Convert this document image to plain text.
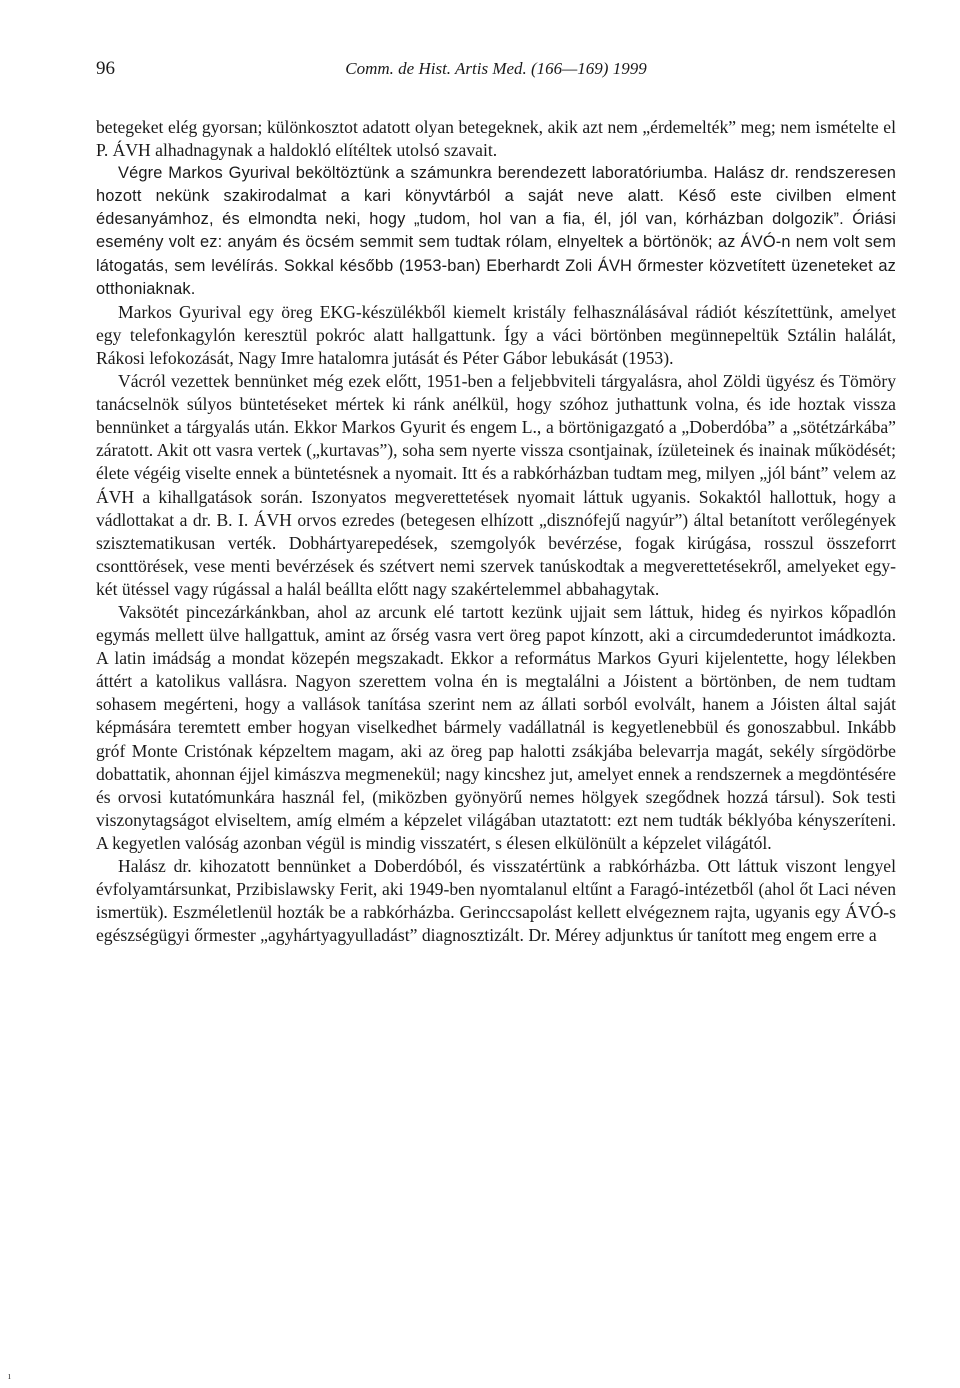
96	Comm. de Hist. Artis Med. (166—169) 1999

betegeket elég gyorsan; különkosztot adatott olyan betegeknek, akik azt nem „érdemelték” meg; nem ismételte el P. ÁVH alhadnagynak a haldokló elítéltek utolsó szavait.

Végre Markos Gyurival beköltöztünk a számunkra berendezett laboratóriumba. Halász dr. rendszeresen hozott nekünk szakirodalmat a kari könyvtárból a saját neve alatt. Késő este civilben elment édesanyámhoz, és elmondta neki, hogy „tudom, hol van a fia, él, jól van, kórházban dolgozik”. Óriási esemény volt ez: anyám és öcsém semmit sem tudtak rólam, elnyeltek a börtönök; az ÁVÓ-n nem volt sem látogatás, sem levélírás. Sokkal később (1953-ban) Eberhardt Zoli ÁVH őrmester közvetített üzeneteket az otthoniaknak.

Markos Gyurival egy öreg EKG-készülékből kiemelt kristály felhasználásával rádiót készítettünk, amelyet egy telefonkagylón keresztül pokróc alatt hallgattunk. Így a váci börtönben megünnepeltük Sztálin halálát, Rákosi lefokozását, Nagy Imre hatalomra jutását és Péter Gábor lebukását (1953).

Vácról vezettek bennünket még ezek előtt, 1951-ben a feljebbviteli tárgyalásra, ahol Zöldi ügyész és Tömöry tanácselnök súlyos büntetéseket mértek ki ránk anélkül, hogy szóhoz juthattunk volna, és ide hoztak vissza bennünket a tárgyalás után. Ekkor Markos Gyurit és engem L., a börtönigazgató a „Doberdóba” a „sötétzárkába” záratott. Akit ott vasra vertek („kurtavas”), soha sem nyerte vissza csontjainak, ízületeinek és inainak működését; élete végéig viselte ennek a büntetésnek a nyomait. Itt és a rabkórházban tudtam meg, milyen „jól bánt” velem az ÁVH a kihallgatások során. Iszonyatos megverettetések nyomait láttuk ugyanis. Sokaktól hallottuk, hogy a vádlottakat a dr. B. I. ÁVH orvos ezredes (betegesen elhízott „disznófejű nagyúr”) által betanított verőlegények szisztematikusan verték. Dobhártyarepedések, szemgolyók bevérzése, fogak kirúgása, rosszul összeforrt csonttörések, vese menti bevérzések és szétvert nemi szervek tanúskodtak a megverettetésekről, amelyeket egy-két ütéssel vagy rúgással a halál beállta előtt nagy szakértelemmel abbahagytak.

Vaksötét pincezárkánkban, ahol az arcunk elé tartott kezünk ujjait sem láttuk, hideg és nyirkos kőpadlón egymás mellett ülve hallgattuk, amint az őrség vasra vert öreg papot kínzott, aki a circumdederuntot imádkozta. A latin imádság a mondat közepén megszakadt. Ekkor a református Markos Gyuri kijelentette, hogy lélekben áttért a katolikus vallásra. Nagyon szerettem volna én is megtalálni a Jóistent a börtönben, de nem tudtam sohasem megérteni, hogy a vallások tanítása szerint nem az állati sorból evolvált, hanem a Jóisten által saját képmására teremtett ember hogyan viselkedhet bármely vadállatnál is kegyetlenebbül és gonoszabbul. Inkább gróf Monte Cristónak képzeltem magam, aki az öreg pap halotti zsákjába belevarrja magát, sekély sírgödörbe dobattatik, ahonnan éjjel kimászva megmenekül; nagy kincshez jut, amelyet ennek a rendszernek a megdöntésére és orvosi kutatómunkára használ fel, (miközben gyönyörű nemes hölgyek szegődnek hozzá társul). Sok testi viszonytagságot elviseltem, amíg elmém a képzelet világában utaztatott: ezt nem tudták béklyóba kényszeríteni. A kegyetlen valóság azonban végül is mindig visszatért, s élesen elkülönült a képzelet világától.

Halász dr. kihozatott bennünket a Doberdóból, és visszatértünk a rabkórházba. Ott láttuk viszont lengyel évfolyamtársunkat, Przibislawsky Ferit, aki 1949-ben nyomtalanul eltűnt a Faragó-intézetből (ahol őt Laci néven ismertük). Eszméletlenül hozták be a rabkórházba. Gerinccsapolást kellett elvégeznem rajta, ugyanis egy ÁVÓ-s egészségügyi őrmester „agyhártyagyulladást” diagnosztizált. Dr. Mérey adjunktus úr tanított meg engem erre a

ı
